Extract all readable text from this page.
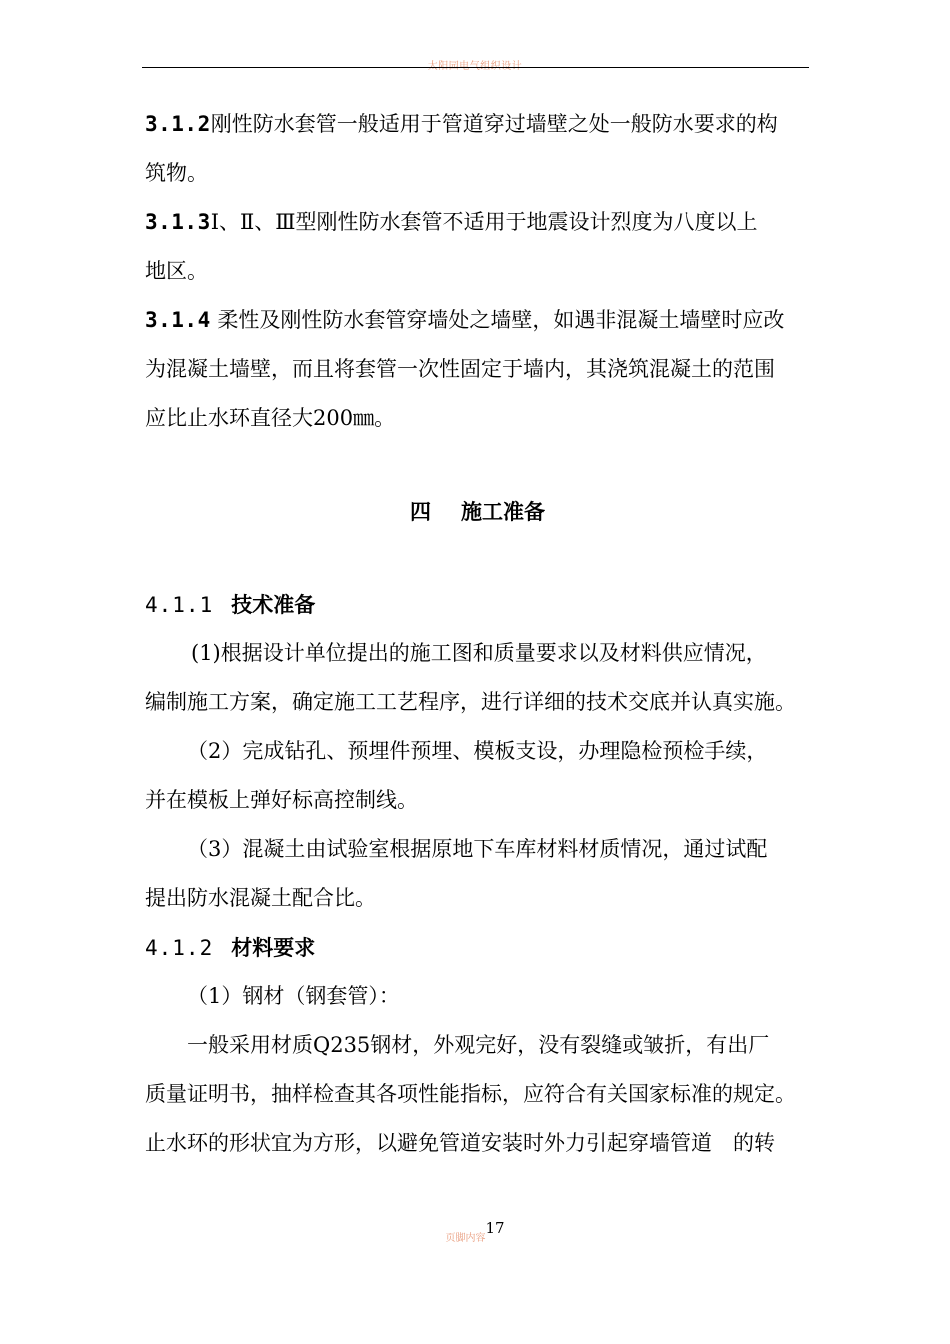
太阳园电气组织设计
3.1.2刚性防水套管一般适用于管道穿过墙壁之处一般防水要求的构
筑物。
3.1.3Ⅰ、Ⅱ、Ⅲ型刚性防水套管不适用于地震设计烈度为八度以上
地区。
3.1.4 柔性及刚性防水套管穿墙处之墙壁，如遇非混凝土墙壁时应改
为混凝土墙壁，而且将套管一次性固定于墙内，其浇筑混凝土的范围
应比止水环直径大200㎜。
四 施工准备
4.1.1 技术准备
(1)根据设计单位提出的施工图和质量要求以及材料供应情况，
编制施工方案，确定施工工艺程序，进行详细的技术交底并认真实施。
（2）完成钻孔、预埋件预埋、模板支设，办理隐检预检手续，
并在模板上弹好标高控制线。
（3）混凝土由试验室根据原地下车库材料材质情况，通过试配
提出防水混凝土配合比。
4.1.2 材料要求
（1）钢材（钢套管）：
一般采用材质Q235钢材，外观完好，没有裂缝或皱折，有出厂
质量证明书，抽样检查其各项性能指标，应符合有关国家标准的规定。
止水环的形状宜为方形，以避免管道安装时外力引起穿墙管道　的转
页脚内容17
